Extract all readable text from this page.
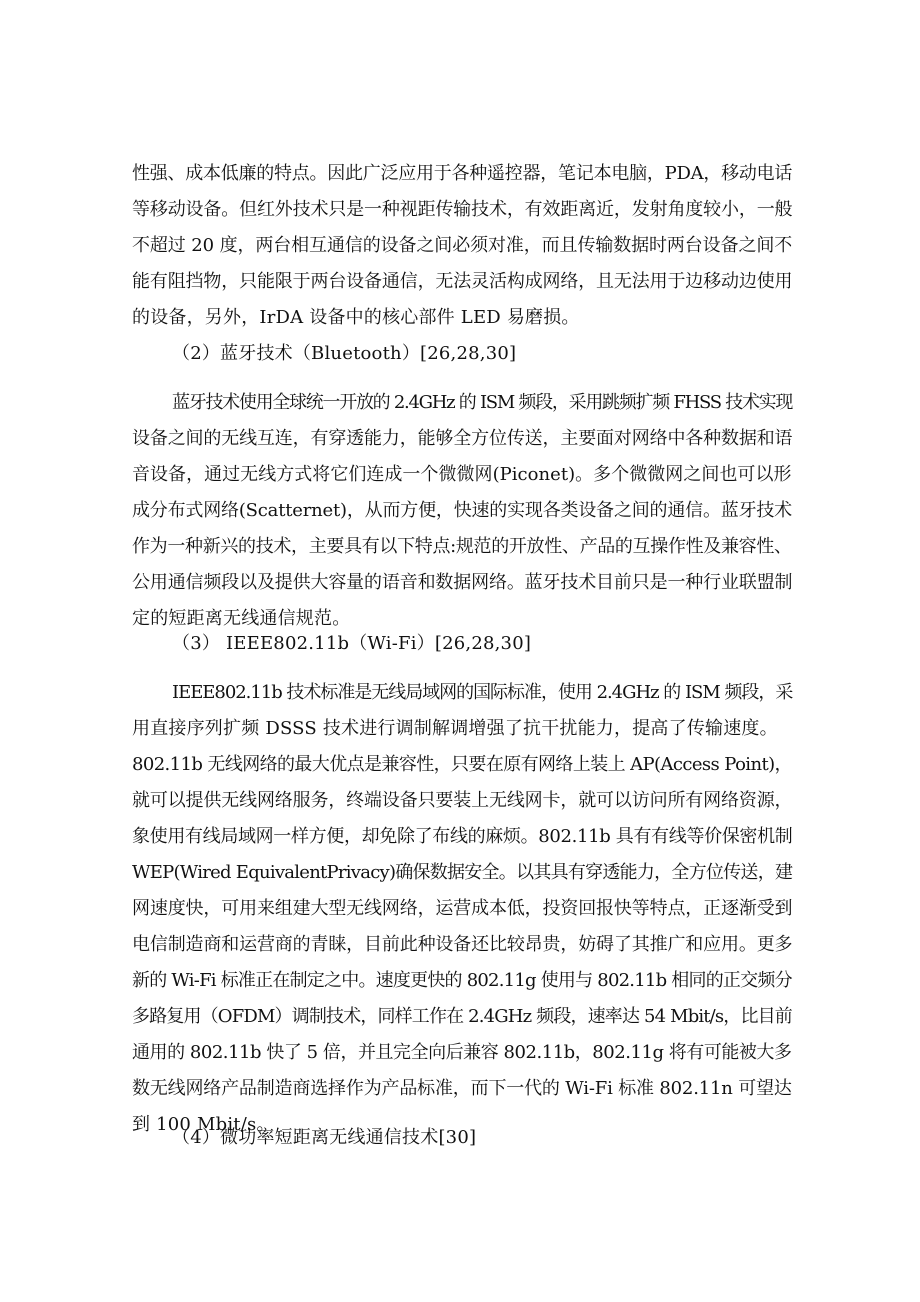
性强、成本低廉的特点。因此广泛应用于各种遥控器，笔记本电脑，PDA，移动电话
等移动设备。但红外技术只是一种视距传输技术，有效距离近，发射角度较小，一般
不超过 20 度，两台相互通信的设备之间必须对准，而且传输数据时两台设备之间不
能有阻挡物，只能限于两台设备通信，无法灵活构成网络，且无法用于边移动边使用
的设备，另外，IrDA 设备中的核心部件 LED 易磨损。
（2）蓝牙技术（Bluetooth）[26,28,30]
蓝牙技术使用全球统一开放的 2.4GHz 的 ISM 频段，采用跳频扩频 FHSS 技术实现
设备之间的无线互连，有穿透能力，能够全方位传送，主要面对网络中各种数据和语
音设备，通过无线方式将它们连成一个微微网(Piconet)。多个微微网之间也可以形
成分布式网络(Scatternet)，从而方便，快速的实现各类设备之间的通信。蓝牙技术
作为一种新兴的技术，主要具有以下特点:规范的开放性、产品的互操作性及兼容性、
公用通信频段以及提供大容量的语音和数据网络。蓝牙技术目前只是一种行业联盟制
定的短距离无线通信规范。
（3） IEEE802.11b（Wi-Fi）[26,28,30]
IEEE802.11b 技术标准是无线局域网的国际标准，使用 2.4GHz 的 ISM 频段，采
用直接序列扩频 DSSS 技术进行调制解调增强了抗干扰能力，提高了传输速度。
802.11b 无线网络的最大优点是兼容性，只要在原有网络上装上 AP(Access Point)，
就可以提供无线网络服务，终端设备只要装上无线网卡，就可以访问所有网络资源，
象使用有线局域网一样方便，却免除了布线的麻烦。802.11b 具有有线等价保密机制
WEP(Wired EquivalentPrivacy)确保数据安全。以其具有穿透能力，全方位传送，建
网速度快，可用来组建大型无线网络，运营成本低，投资回报快等特点，正逐渐受到
电信制造商和运营商的青睐，目前此种设备还比较昂贵，妨碍了其推广和应用。更多
新的 Wi-Fi 标准正在制定之中。速度更快的 802.11g 使用与 802.11b 相同的正交频分
多路复用（OFDM）调制技术，同样工作在 2.4GHz 频段，速率达 54 Mbit/s，比目前
通用的 802.11b 快了 5 倍，并且完全向后兼容 802.11b，802.11g 将有可能被大多
数无线网络产品制造商选择作为产品标准，而下一代的 Wi-Fi 标准 802.11n 可望达
到 100 Mbit/s。
（4）微功率短距离无线通信技术[30]
